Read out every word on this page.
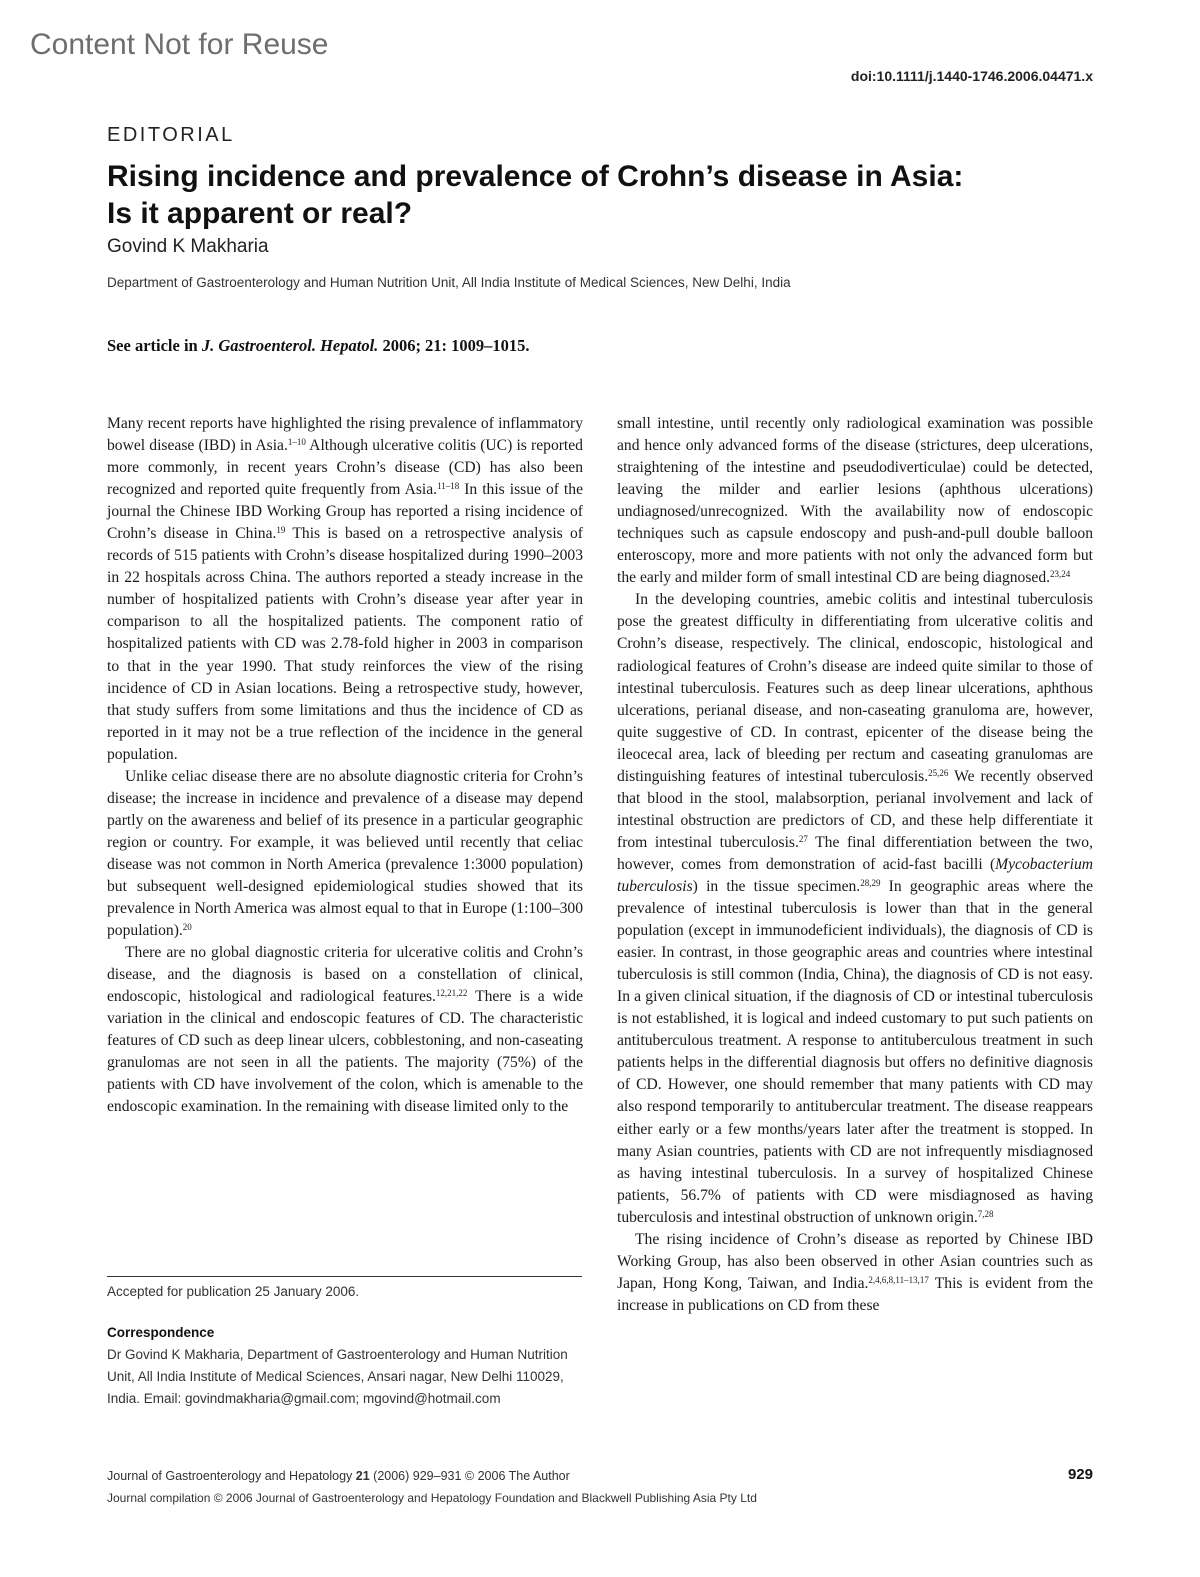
Content Not for Reuse
doi:10.1111/j.1440-1746.2006.04471.x
EDITORIAL
Rising incidence and prevalence of Crohn’s disease in Asia:
Is it apparent or real?
Govind K Makharia
Department of Gastroenterology and Human Nutrition Unit, All India Institute of Medical Sciences, New Delhi, India
See article in J. Gastroenterol. Hepatol. 2006; 21: 1009–1015.

Many recent reports have highlighted the rising prevalence of inflammatory bowel disease (IBD) in Asia.$^{1-10}$ Although ulcerative colitis (UC) is reported more commonly, in recent years Crohn’s disease (CD) has also been recognized and reported quite frequently from Asia.$^{11-18}$ In this issue of the journal the Chinese IBD Working Group has reported a rising incidence of Crohn’s disease in China.$^{19}$ This is based on a retrospective analysis of records of 515 patients with Crohn’s disease hospitalized during 1990–2003 in 22 hospitals across China. The authors reported a steady increase in the number of hospitalized patients with Crohn’s disease year after year in comparison to all the hospitalized patients. The component ratio of hospitalized patients with CD was 2.78-fold higher in 2003 in comparison to that in the year 1990. That study reinforces the view of the rising incidence of CD in Asian locations. Being a retrospective study, however, that study suffers from some limitations and thus the incidence of CD as reported in it may not be a true reflection of the incidence in the general population.

Unlike celiac disease there are no absolute diagnostic criteria for Crohn’s disease; the increase in incidence and prevalence of a disease may depend partly on the awareness and belief of its presence in a particular geographic region or country. For example, it was believed until recently that celiac disease was not common in North America (prevalence 1:3000 population) but subsequent well-designed epidemiological studies showed that its prevalence in North America was almost equal to that in Europe (1:100–300 population).$^{20}$

There are no global diagnostic criteria for ulcerative colitis and Crohn’s disease, and the diagnosis is based on a constellation of clinical, endoscopic, histological and radiological features.$^{12,21,22}$ There is a wide variation in the clinical and endoscopic features of CD. The characteristic features of CD such as deep linear ulcers, cobblestoning, and non-caseating granulomas are not seen in all the patients. The majority (75%) of the patients with CD have involvement of the colon, which is amenable to the endoscopic examination. In the remaining with disease limited only to the

small intestine, until recently only radiological examination was possible and hence only advanced forms of the disease (strictures, deep ulcerations, straightening of the intestine and pseudodiverticulae) could be detected, leaving the milder and earlier lesions (aphthous ulcerations) undiagnosed/unrecognized. With the availability now of endoscopic techniques such as capsule endoscopy and push-and-pull double balloon enteroscopy, more and more patients with not only the advanced form but the early and milder form of small intestinal CD are being diagnosed.$^{23,24}$

In the developing countries, amebic colitis and intestinal tuberculosis pose the greatest difficulty in differentiating from ulcerative colitis and Crohn’s disease, respectively. The clinical, endoscopic, histological and radiological features of Crohn’s disease are indeed quite similar to those of intestinal tuberculosis. Features such as deep linear ulcerations, aphthous ulcerations, perianal disease, and non-caseating granuloma are, however, quite suggestive of CD. In contrast, epicenter of the disease being the ileocecal area, lack of bleeding per rectum and caseating granulomas are distinguishing features of intestinal tuberculosis.$^{25,26}$ We recently observed that blood in the stool, malabsorption, perianal involvement and lack of intestinal obstruction are predictors of CD, and these help differentiate it from intestinal tuberculosis.$^{27}$ The final differentiation between the two, however, comes from demonstration of acid-fast bacilli (Mycobacterium tuberculosis) in the tissue specimen.$^{28,29}$ In geographic areas where the prevalence of intestinal tuberculosis is lower than that in the general population (except in immunodeficient individuals), the diagnosis of CD is easier. In contrast, in those geographic areas and countries where intestinal tuberculosis is still common (India, China), the diagnosis of CD is not easy. In a given clinical situation, if the diagnosis of CD or intestinal tuberculosis is not established, it is logical and indeed customary to put such patients on antituberculous treatment. A response to antituberculous treatment in such patients helps in the differential diagnosis but offers no definitive diagnosis of CD. However, one should remember that many patients with CD may also respond temporarily to antitubercular treatment. The disease reappears either early or a few months/years later after the treatment is stopped. In many Asian countries, patients with CD are not infrequently misdiagnosed as having intestinal tuberculosis. In a survey of hospitalized Chinese patients, 56.7% of patients with CD were misdiagnosed as having tuberculosis and intestinal obstruction of unknown origin.$^{7,28}$

The rising incidence of Crohn’s disease as reported by Chinese IBD Working Group, has also been observed in other Asian countries such as Japan, Hong Kong, Taiwan, and India.$^{2,4,6,8,11-13,17}$ This is evident from the increase in publications on CD from these

Accepted for publication 25 January 2006.
Correspondence
Dr Govind K Makharia, Department of Gastroenterology and Human Nutrition Unit, All India Institute of Medical Sciences, Ansari nagar, New Delhi 110029, India. Email: govindmakharia@gmail.com; mgovind@hotmail.com
Journal of Gastroenterology and Hepatology 21 (2006) 929–931 © 2006 The Author
Journal compilation © 2006 Journal of Gastroenterology and Hepatology Foundation and Blackwell Publishing Asia Pty Ltd
929
